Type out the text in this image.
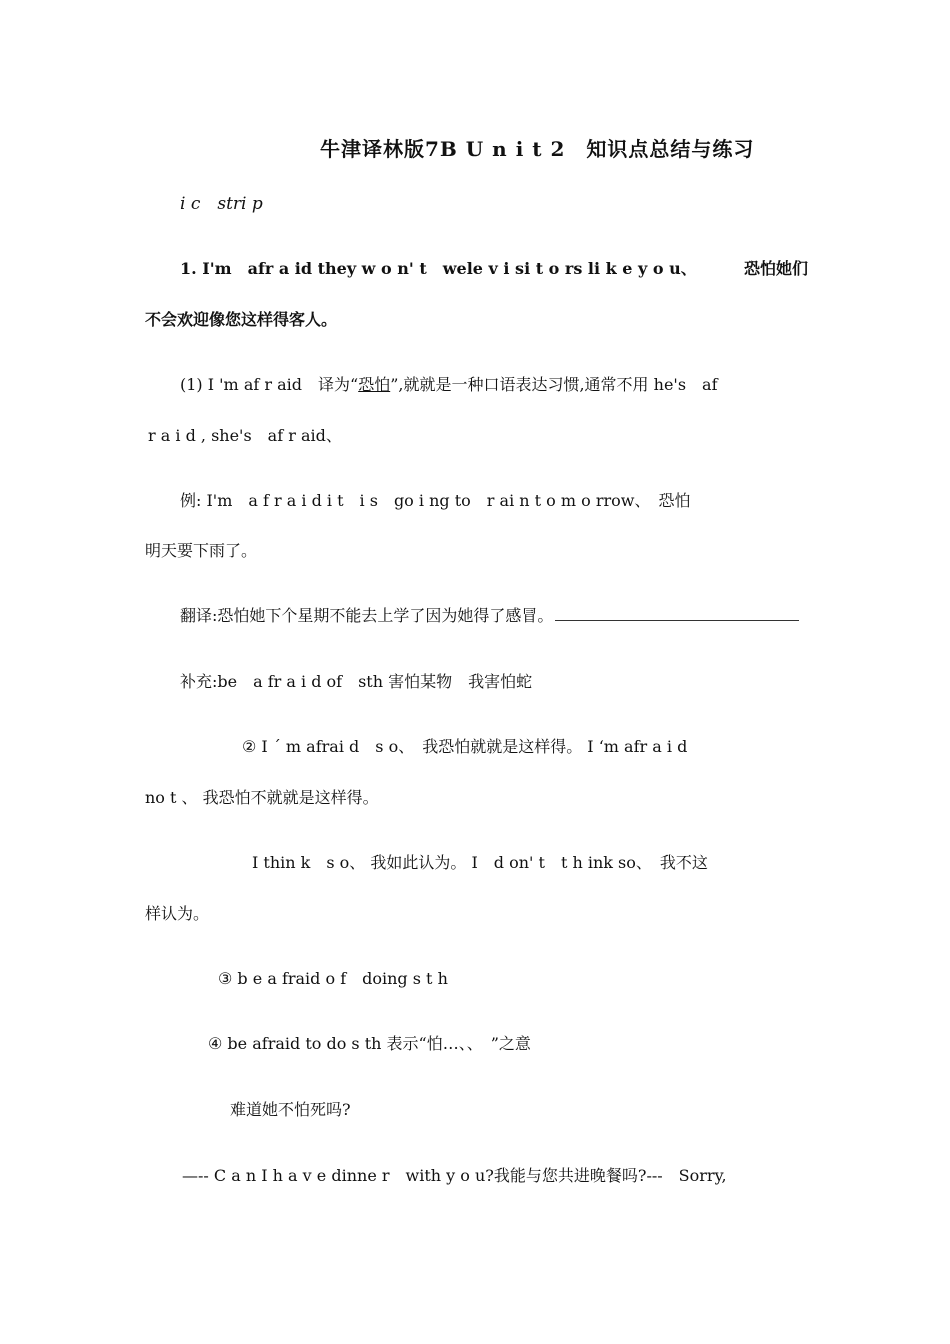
牛津译林版7B U n i t 2　知识点总结与练习
i c　stri p
1. I'm　afr a id they w o n' t　wele v i si t o rs li k e y o u、	恐怕她们
不会欢迎像您这样得客人。
(1) I 'm af r aid　译为“恐怕”,就就是一种口语表达习惯,通常不用 he's　af
r a i d , she's　af r aid、
例: I'm　a f r a i d i t　i s　go i ng to　r ai n t o m o rrow、　恐怕
明天要下雨了。
翻译:恐怕她下个星期不能去上学了因为她得了感冒。
补充:be　a fr a i d of　sth 害怕某物　我害怕蛇
② I ´ m afrai d　s o、　我恐怕就就是这样得。 I ‘m afr a i d
no t 、 我恐怕不就就是这样得。
I thin k　s o、 我如此认为。 I　d on' t　t h ink so、　我不这
样认为。
③ b e a fraid o f　doing s t h
④ be afraid to do s th 表示“怕…、、　”之意
难道她不怕死吗?
—-- C a n I h a v e dinne r　with y o u?我能与您共进晚餐吗?---　Sorry,
